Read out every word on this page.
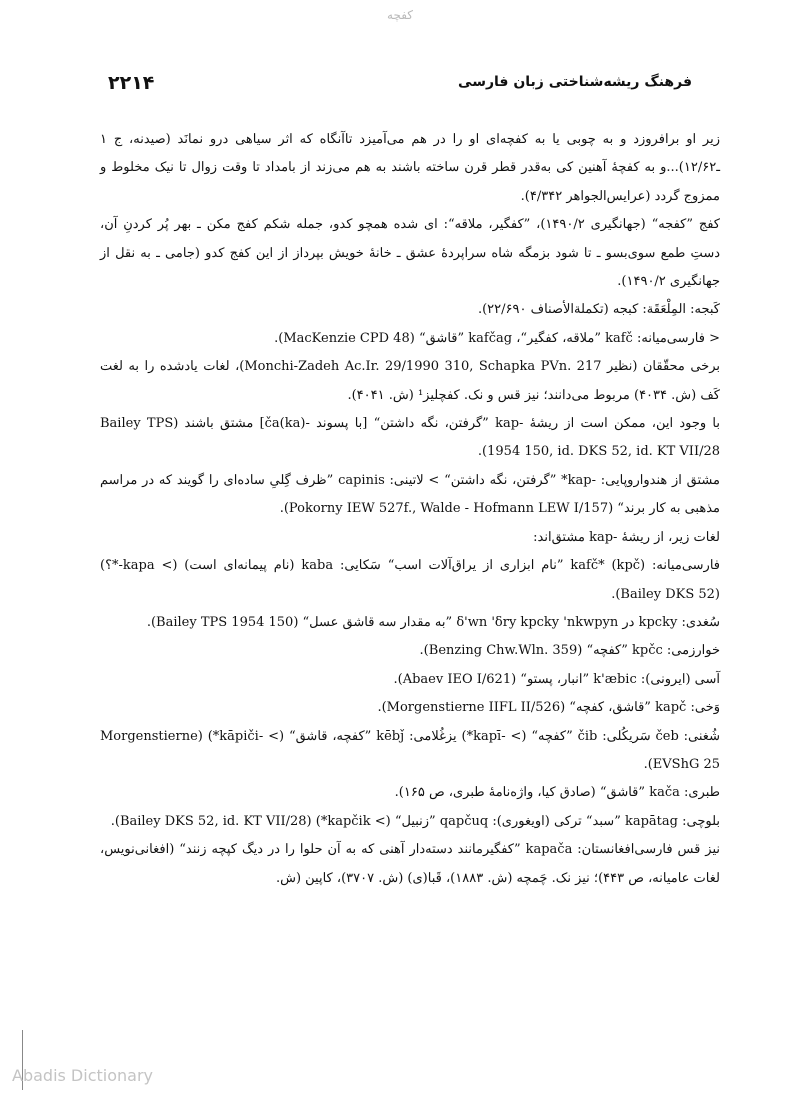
کفچه
۲۲۱۴	فرهنگ ریشه‌شناختی زبان فارسی

زیر او برافروزد و به چوبی یا به کفچه‌ای او را در هم می‌آمیزد تاآنگاه که اثر سیاهی درو نمانَد (صیدنه، ج ۱ ـ۱۲/۶۲)...و به کفچهٔ آهنین کی به‌قدر قطر قرن ساخته باشند به هم می‌زند از بامداد تا وقت زوال تا نیک مخلوط و ممزوج گردد (عرایس‌الجواهر ۴/۳۴۲).

کفج ”کفجه“ (جهانگیری ۱۴۹۰/۲)، ”کفگیر، ملاقه“: ای شده همچو کدو، جمله شکم کفج مکن ـ بهر پُر کردنِ آن، دستِ طمع سوی‌بسو ـ تا شود بزمگه شاه سراپردهٔ عشق ـ خانهٔ خویش بپرداز از این کفج کدو (جامی ـ به نقل از جهانگیری ۱۴۹۰/۲).

کَبجه: المِلْعَقَة: کبجه (تکملة‌الأصناف ۲۲/۶۹۰).

< فارسی‌میانه: kafč ”ملاقه، کفگیر“، kafčag ”قاشق“ (MacKenzie CPD 48).

برخی محقّقان (نظیر Monchi-Zadeh Ac.Ir. 29/1990 310, Schapka PVn. 217)، لغات یادشده را به لغت کَف (ش. ۴۰۳۴) مربوط می‌دانند؛ نیز قس و نک. کفچلیز¹ (ش. ۴۰۴۱).

با وجود این، ممکن است از ریشهٔ -kap ”گرفتن، نگه داشتن“ [با پسوند -ča(ka)] مشتق باشند (Bailey TPS 1954 150, id. DKS 52, id. KT VII/28).

مشتق از هندواروپایی: -kap* ”گرفتن، نگه داشتن“ > لاتینی: capinis ”ظرف گِلیِ ساده‌ای را گویند که در مراسم مذهبی به کار برند“ (Pokorny IEW 527f., Walde - Hofmann LEW I/157).

لغات زیر، از ریشهٔ -kap مشتق‌اند:

فارسی‌میانه: kafč* (kpč) ”نام ابزاری از یراق‌آلات اسب“ سَکایی: kaba (نام پیمانه‌ای است) (> kapa-*؟) (Bailey DKS 52).

سُغدی: kpcky در δ'wn 'δry kpcky 'nkwpyn ”به مقدار سه قاشق عسل“ (Bailey TPS 1954 150).

خوارزمی: kpčc ”کفچه“ (Benzing Chw.Wln. 359).

آسی (ایرونی): k'æbic ”انبار، پستو“ (Abaev IEO I/621).

وَخی: kapč ”قاشق، کفچه“ (Morgenstierne IIFL II/526).

شُغنی: čeb سَریکُلی: čib ”کفچه“ (> -kapī*) یزغُلامی: kēbǰ ”کفچه، قاشق“ (> -kāpiči*) (Morgenstierne EVShG 25).

طبری: kača ”قاشق“ (صادق کیا، واژه‌نامهٔ طبری، ص ۱۶۵).

بلوچی: kapātag ”سبد“ ترکی (اویغوری): qapčuq ”زنبیل“ (> kapčik*) (Bailey DKS 52, id. KT VII/28).

نیز قس فارسی‌افغانستان: kapača ”کفگیرمانند دسته‌دار آهنی که به آن حلوا را در دیگ کپچه زنند“ (افغانی‌نویس، لغات عامیانه، ص ۴۴۳)؛ نیز نک. چَمچه (ش. ۱۸۸۳)، قَبا(ی) (ش. ۳۷۰۷)، کاپین (ش.

Abadis Dictionary
